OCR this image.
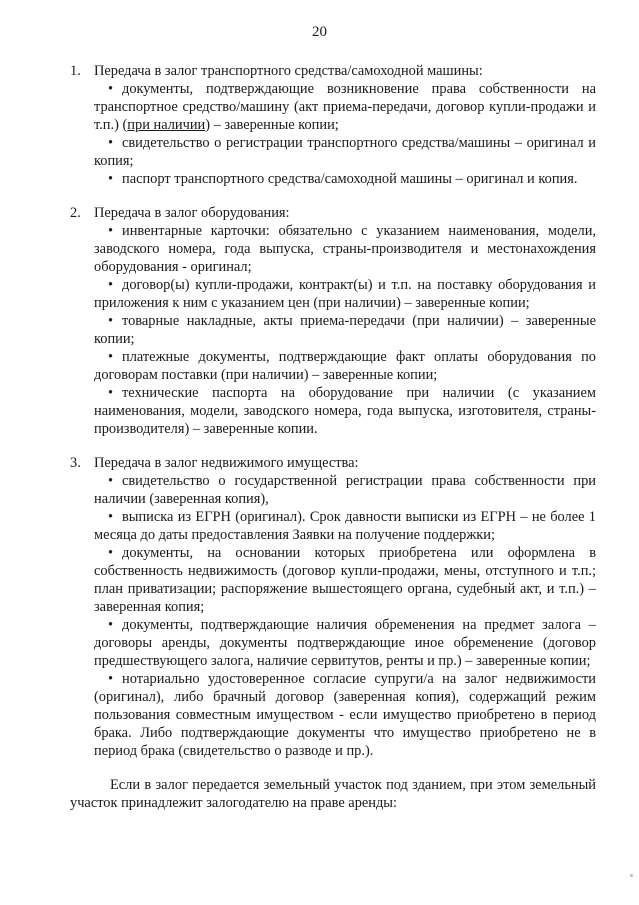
20
1. Передача в залог транспортного средства/самоходной машины:

• документы, подтверждающие возникновение права собственности на транспортное средство/машину (акт приема-передачи, договор купли-продажи и т.п.) (при наличии) – заверенные копии;

• свидетельство о регистрации транспортного средства/машины – оригинал и копия;

• паспорт транспортного средства/самоходной машины – оригинал и копия.

2. Передача в залог оборудования:

• инвентарные карточки: обязательно с указанием наименования, модели, заводского номера, года выпуска, страны-производителя и местонахождения оборудования - оригинал;

• договор(ы) купли-продажи, контракт(ы) и т.п. на поставку оборудования и приложения к ним с указанием цен (при наличии) – заверенные копии;

• товарные накладные, акты приема-передачи (при наличии) – заверенные копии;

• платежные документы, подтверждающие факт оплаты оборудования по договорам поставки (при наличии) – заверенные копии;

• технические паспорта на оборудование при наличии (с указанием наименования, модели, заводского номера, года выпуска, изготовителя, страны-производителя) – заверенные копии.

3. Передача в залог недвижимого имущества:

• свидетельство о государственной регистрации права собственности при наличии (заверенная копия),

• выписка из ЕГРН (оригинал). Срок давности выписки из ЕГРН – не более 1 месяца до даты предоставления Заявки на получение поддержки;

• документы, на основании которых приобретена или оформлена в собственность недвижимость (договор купли-продажи, мены, отступного и т.п.; план приватизации; распоряжение вышестоящего органа, судебный акт, и т.п.) – заверенная копия;

• документы, подтверждающие наличия обременения на предмет залога – договоры аренды, документы подтверждающие иное обременение (договор предшествующего залога, наличие сервитутов, ренты и пр.) – заверенные копии;

• нотариально удостоверенное согласие супруги/а на залог недвижимости (оригинал), либо брачный договор (заверенная копия), содержащий режим пользования совместным имуществом - если имущество приобретено в период брака. Либо подтверждающие документы что имущество приобретено не в период брака (свидетельство о разводе и пр.).

Если в залог передается земельный участок под зданием, при этом земельный участок принадлежит залогодателю на праве аренды:
